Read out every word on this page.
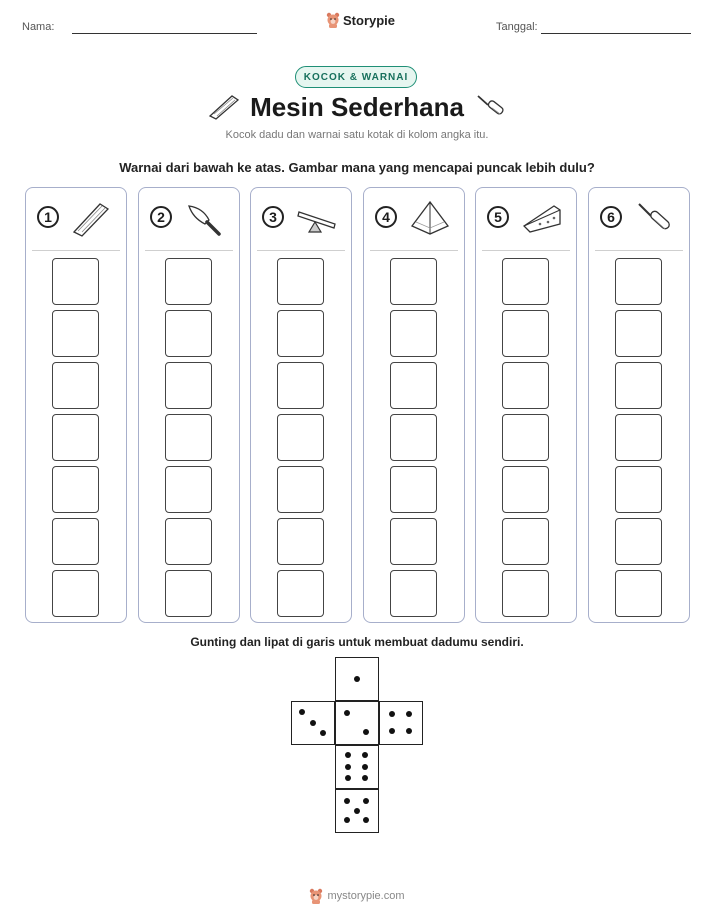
Nama:	Storypie	Tanggal:
KOCOK & WARNAI
Mesin Sederhana
Kocok dadu dan warnai satu kotak di kolom angka itu.
Warnai dari bawah ke atas. Gambar mana yang mencapai puncak lebih dulu?
1	2	3	4	5	6
Gunting dan lipat di garis untuk membuat dadumu sendiri.
mystorypie.com
